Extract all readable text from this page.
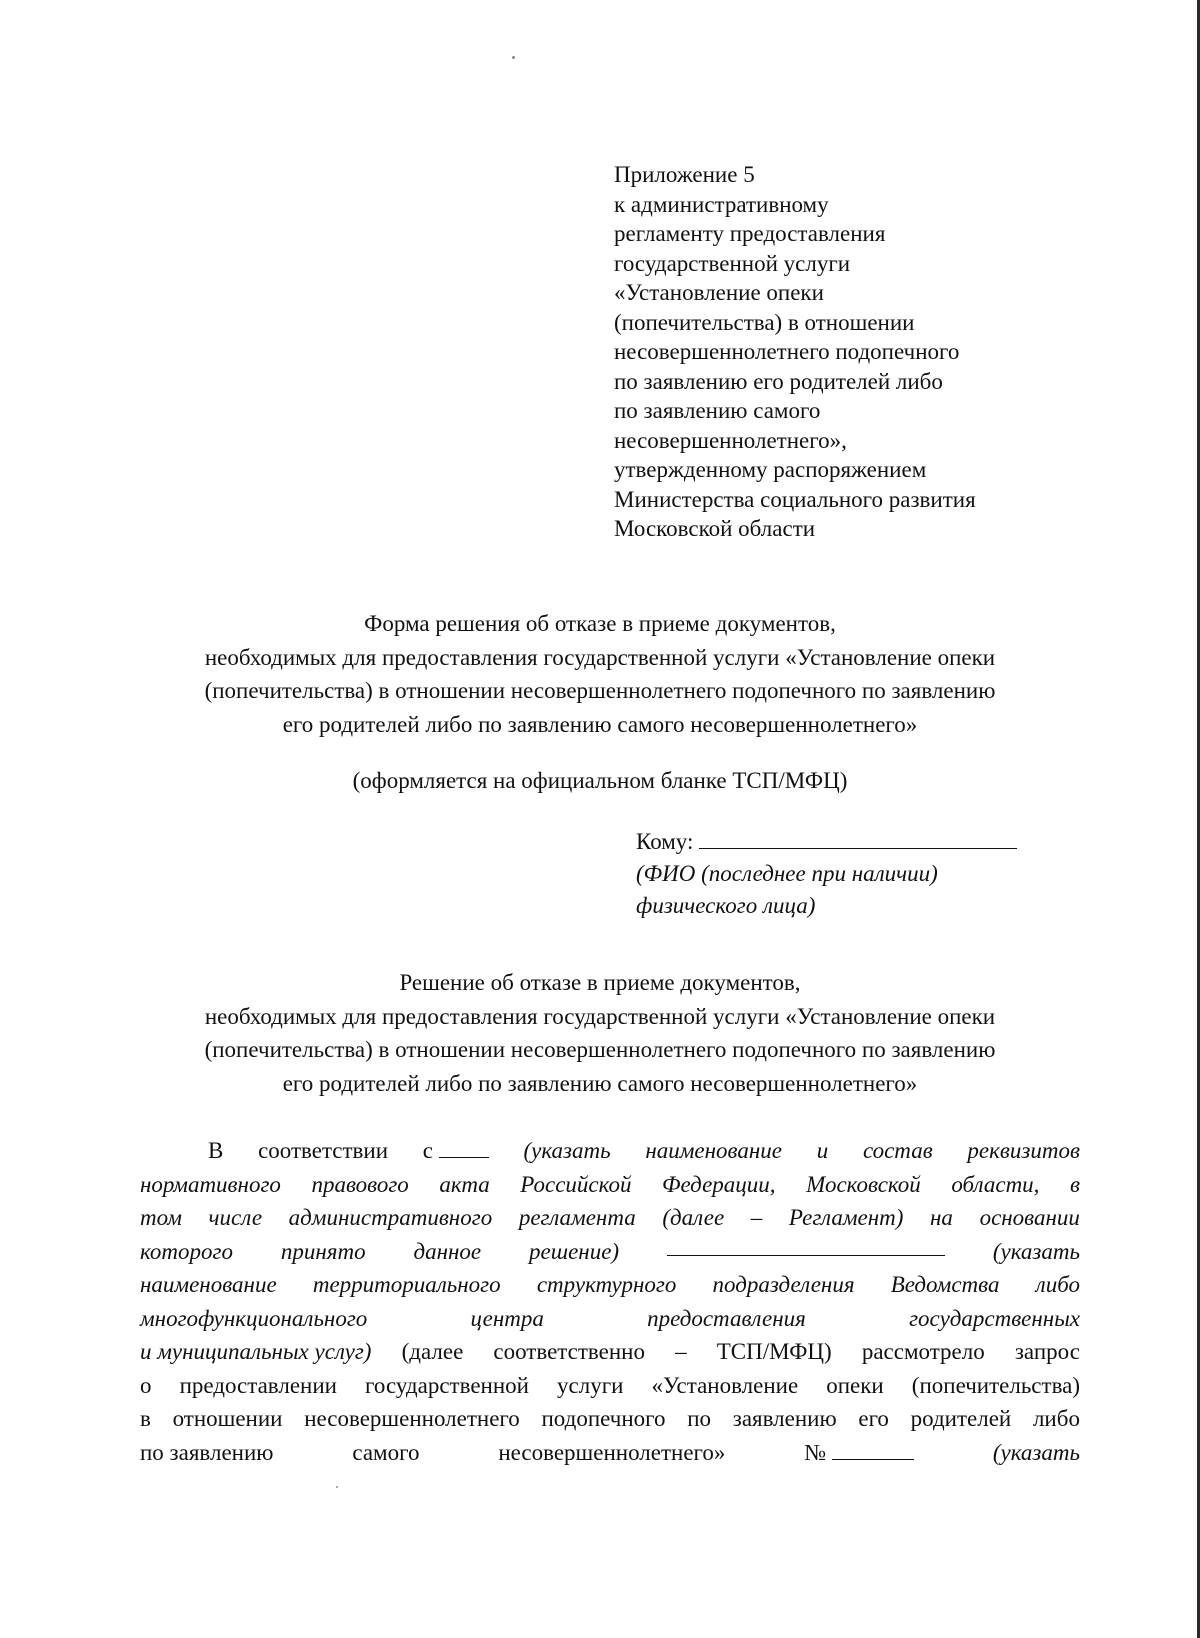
Приложение 5
к административному
регламенту предоставления
государственной услуги
«Установление опеки
(попечительства) в отношении
несовершеннолетнего подопечного
по заявлению его родителей либо
по заявлению самого
несовершеннолетнего»,
утвержденному распоряжением
Министерства социального развития
Московской области
Форма решения об отказе в приеме документов,
необходимых для предоставления государственной услуги «Установление опеки
(попечительства) в отношении несовершеннолетнего подопечного по заявлению
его родителей либо по заявлению самого несовершеннолетнего»
(оформляется на официальном бланке ТСП/МФЦ)
Кому:
(ФИО (последнее при наличии)
физического лица)
Решение об отказе в приеме документов,
необходимых для предоставления государственной услуги «Установление опеки
(попечительства) в отношении несовершеннолетнего подопечного по заявлению
его родителей либо по заявлению самого несовершеннолетнего»
В соответствии с	(указать наименование и состав реквизитов
нормативного правового акта Российской Федерации, Московской области, в
том числе административного регламента (далее – Регламент) на основании
которого принято данное решение)	(указать
наименование территориального структурного подразделения Ведомства либо
многофункционального	центра	предоставления	государственных
и муниципальных услуг) (далее соответственно – ТСП/МФЦ) рассмотрело запрос
о предоставлении государственной услуги «Установление опеки (попечительства)
в отношении несовершеннолетнего подопечного по заявлению его родителей либо
по заявлению	самого	несовершеннолетнего»	№	(указать
